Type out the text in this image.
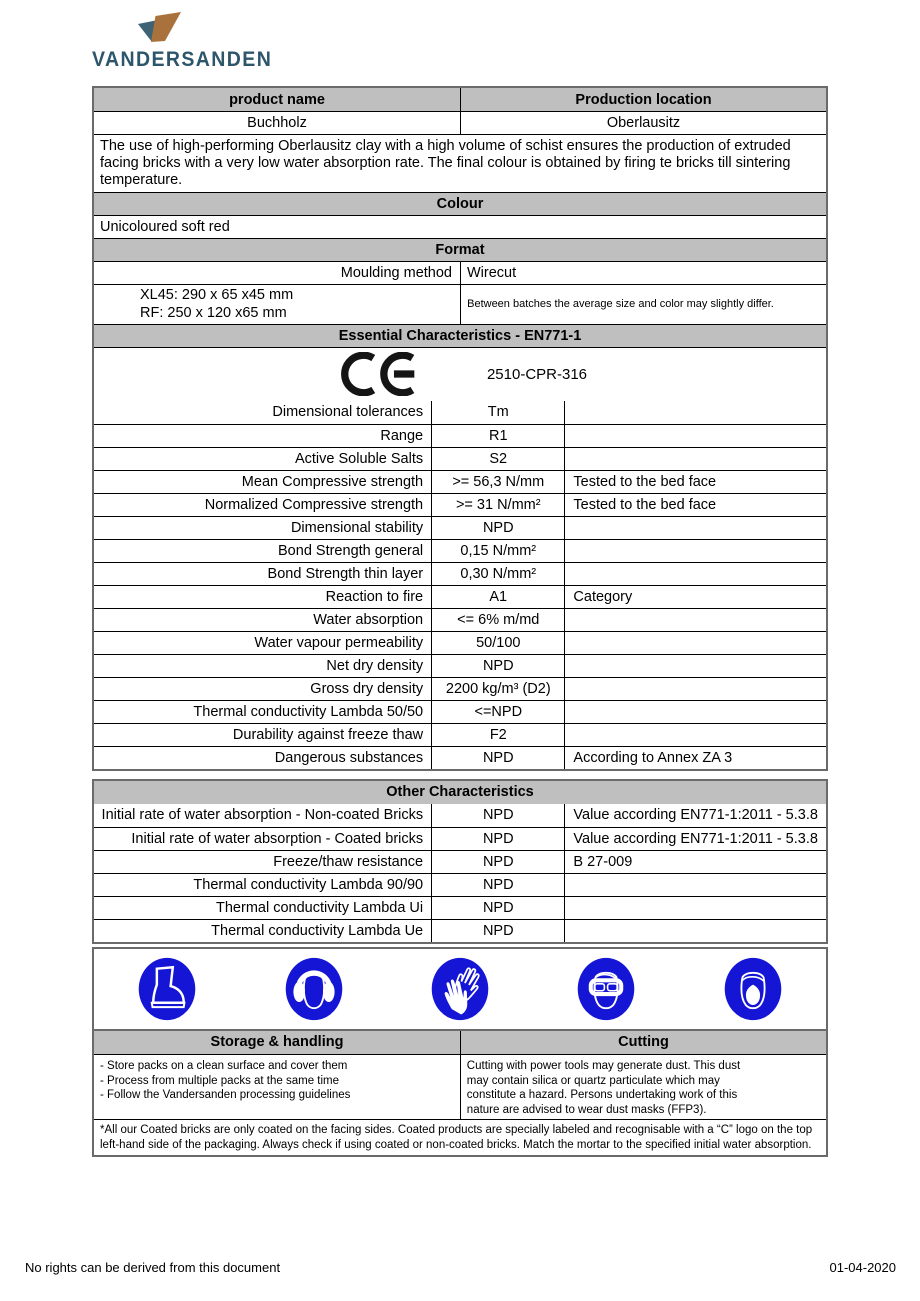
VANDERSANDEN
product name	Production location
Buchholz	Oberlausitz
The use of high-performing Oberlausitz clay with a high volume of schist ensures the production of extruded facing bricks with a very low water absorption rate. The final colour is obtained by firing te bricks till sintering temperature.
Colour
Unicoloured soft red
Format
Moulding method	Wirecut
XL45: 290 x 65 x45 mm
RF: 250 x 120 x65 mm
Between batches the average size and color may slightly differ.
Essential Characteristics - EN771-1
2510-CPR-316
Dimensional tolerances	Tm
Range	R1
Active Soluble Salts	S2
Mean Compressive strength	>= 56,3 N/mm	Tested to the bed face
Normalized Compressive strength	>= 31 N/mm²	Tested to the bed face
Dimensional stability	NPD
Bond Strength general	0,15 N/mm²
Bond Strength thin layer	0,30 N/mm²
Reaction to fire	A1	Category
Water absorption	<= 6% m/md
Water vapour permeability	50/100
Net dry density	NPD
Gross dry density	2200 kg/m³ (D2)
Thermal conductivity Lambda 50/50	<=NPD
Durability against freeze thaw	F2
Dangerous substances	NPD	According to Annex ZA 3
Other Characteristics
Initial rate of water absorption - Non-coated Bricks	NPD	Value according EN771-1:2011 - 5.3.8
Initial rate of water absorption - Coated bricks	NPD	Value according EN771-1:2011 - 5.3.8
Freeze/thaw resistance	NPD	B 27-009
Thermal conductivity Lambda 90/90	NPD
Thermal conductivity Lambda Ui	NPD
Thermal conductivity Lambda Ue	NPD
Storage & handling	Cutting
- Store packs on a clean surface and cover them
- Process from multiple packs at the same time
- Follow the Vandersanden processing guidelines
Cutting with power tools may generate dust. This dust may contain silica or quartz particulate which may constitute a hazard. Persons undertaking work of this nature are advised to wear dust masks (FFP3).
*All our Coated bricks are only coated on the facing sides. Coated products are specially labeled and recognisable with a “C” logo on the top left-hand side of the packaging. Always check if using coated or non-coated bricks. Match the mortar to the specified initial water absorption.
No rights can be derived from this document	01-04-2020
